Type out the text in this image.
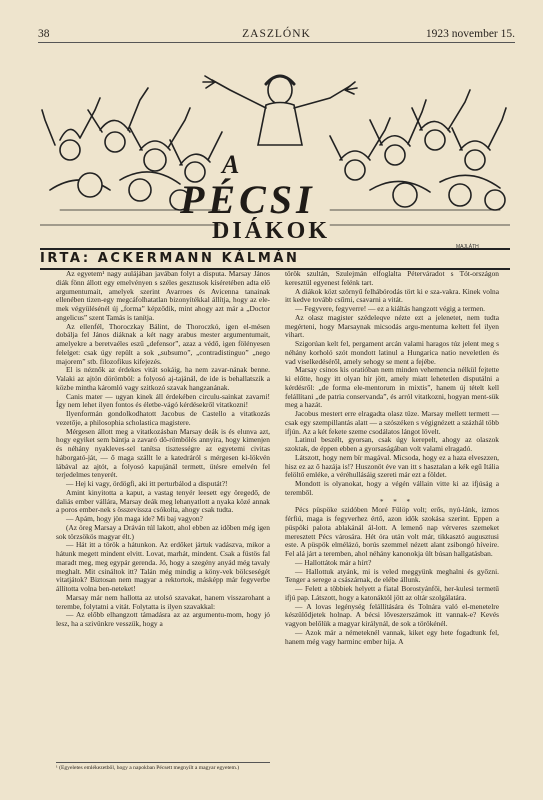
38	ZASZLÓNK	1923 november 15.
A
PÉCSI
DIÁKOK
MAJLÁTH
IRTA: ACKERMANN KÁLMÁN

Az egyetem¹ nagy aulájában javában folyt a disputa. Marsay János diák fönn állott egy emelvényen s széles gesztusok kíséretében adta elő argumentumait, amelyek szerint Avarroes és Avicenna tanainak ellenében tizen-egy megcáfolhatatlan bizonyítékkal állítja, hogy az ele-mek végyülésénél új „forma” képződik, mint ahogy azt már a „Doctor angelicus” szent Tamás is tanítja.

Az ellenfél, Thoroczkay Bálint, de Thoroczkó, igen el-mésen dobálja fel János diáknak a két nagy arabus mester argumentumait, amelyekre a beretvaéles eszű „defensor”, azaz a védő, igen fölényesen felelget: csak úgy repült a sok „subsumo”, „contradistinguo” „nego majorem” stb. filozofikus kifejezés.

El is néznők az érdekes vitát sokáig, ha nem zavar-nának benne. Valaki az ajtón dörömböl: a folyosó aj-tajánál, de ide is behallatszik a közbe mintha káromló vagy szitkozó szavak hangzanának.

Canis mater — ugyan kinek áll érdekében circulu-sainkat zavarni! Így nem lehet ilyen fontos és életbe-vágó kérdésekről vitatkozni!

Ilyenformán gondolkodhatott Jacobus de Castello a vitatkozás vezetője, a philosophia scholastica magistere.

Mérgesen állott meg a vitatkozásban Marsay deák is és elunva azt, hogy egyiket sem bántja a zavaró dö-römbölés annyira, hogy kimenjen és néhány nyakleves-sel tanítsa tisztességre az egyetemi civitas háborgató-ját, — ő maga szállt le a katedráról s mérgesen ki-lökvén lábával az ajtót, a folyosó kapujánál termett, ütésre emelvén fel terjedelmes tenyerét.

— Hej ki vagy, ördögfi, aki itt perturbálod a disputát?!

Amint kinyitotta a kaput, a vastag tenyér leesett egy öregedő, de daliás ember vállára, Marsay deák meg lehanyatlott a nyaka közé annak a poros ember-nek s összevissza csókolta, ahogy csak tudta.

— Apám, hogy jön maga ide? Mi baj vagyon?

(Az öreg Marsay a Dráván túl lakott, ahol ebben az időben még igen sok törzsökös magyar élt.)

— Hát itt a török a hátunkon. Az erdőket jártuk vadászva, mikor a hátunk megett mindent elvitt. Lovat, marhát, mindent. Csak a füstös fal maradt meg, meg egypár gerenda. Jó, hogy a szegény anyád még tavaly meghalt. Mit csináltok itt? Talán még mindig a köny-vek bölcseségét vitatjátok? Biztosan nem magyar a rektortok, másképp már fegyverbe állította volna ben-neteket!

Marsay már nem hallotta az utolsó szavakat, hanem visszarohant a terembe, folytatni a vitát. Folytatta is ilyen szavakkal:

— Az előbb elhangzott támadásra az az argumentu-mom, hogy jó lesz, ha a szivünkre vesszük, hogy a

török szultán, Szulejmán elfoglalta Péterváradot s Tót-országon keresztül egyenest felénk tart.

A diákok közt szörnyű felhábórodás tört ki e sza-vakra. Kinek volna itt kedve tovább csűrni, csavarni a vitát.

— Fegyvere, fegyverre! — ez a kiáltás hangzott végig a termen.

Az olasz magister szédeleqve nézte ezt a jelenetet, nem tudta megérteni, hogy Marsaynak micsodás argu-mentuma keltett fel ilyen vihart.

Szigorúan kelt fel, pergament arcán valami haragos túz jelent meg s néhány korholó szót mondott latinul a Hungarica natio neveletlen és vad viselkedéséről, amely sehogy se ment a fejébe.

Marsay csinos kis oratióban nem minden vehemencia nélkül fejtette ki előtte, hogy itt olyan hír jött, amely miatt lehetetlen disputálni a kérdésről: „de forma ele-mentorum in mixtis”, hanem új tételt kell felállítani „de patria conservanda”, és arról vitatkozni, hogyan ment-sük meg a hazát.

Jacobus mestert erre elragadta olasz tüze. Marsay mellett termett — csak egy szempillantás alatt — a szószéken s végignézett a százhál több ifjún. Az a két fekete szeme csodálatos lángot lövelt.

Latinul beszélt, gyorsan, csak úgy kerepelt, ahogy az olaszok szoktak, de éppen ebben a gyorsaságában volt valami elragadó.

Látszott, hogy nem bír magával. Micsoda, hogy ez a haza elveszzen, hisz ez az ő hazája is!? Huszonöt éve van itt s hasztalan a kék egű Itália felöltő emléke, a véréhullásáig szereti már ezt a földet.

Mondott is olyanokat, hogy a végén vállain vitte ki az ifjúság a teremből.

* * *

Pécs püspöke szidóben Moré Fülöp volt; erős, nyú-lánk, izmos férfiú, maga is fegyverhez értő, azon idők szokása szerint. Eppen a püspöki palota ablakánál ál-lott. A lemenő nap vérveres szemeket meresztett Pécs városára. Hét óra után volt már, tikkasztó augusztusi este. A püspök elmélázó, borús szemmel nézett alant zsibongó híveire. Fel alá járt a teremben, ahol néhány kanonokja ült búsan hallgatásban.

— Hallottátok már a hírt?

— Hallottuk atyánk, mi is veled meggyünk meghalni és győzni. Tenger a serege a császárnak, de elébe állunk.

— Felett a többiek helyett a fiatal Borostyánfői, her-kulesi termetű ifjú pap. Látszott, hogy a katonáktól jött az oltár szolgálatára.

— A lovas legénység felállítására és Tolnára való el-menetelre készülődjetek holnap. A bécsi lőveszerszámok itt vannak-e? Kevés vagyon belőlük a magyar királynál, de sok a törökénél.

— Azok már a németeknél vannak, kiket egy hete fogadtunk fel, hanem még vagy harminc ember hija. A

¹ (Egyeletes emlékezetből, hogy a napokban Pécsett megnyílt a magyar egyetem.)
